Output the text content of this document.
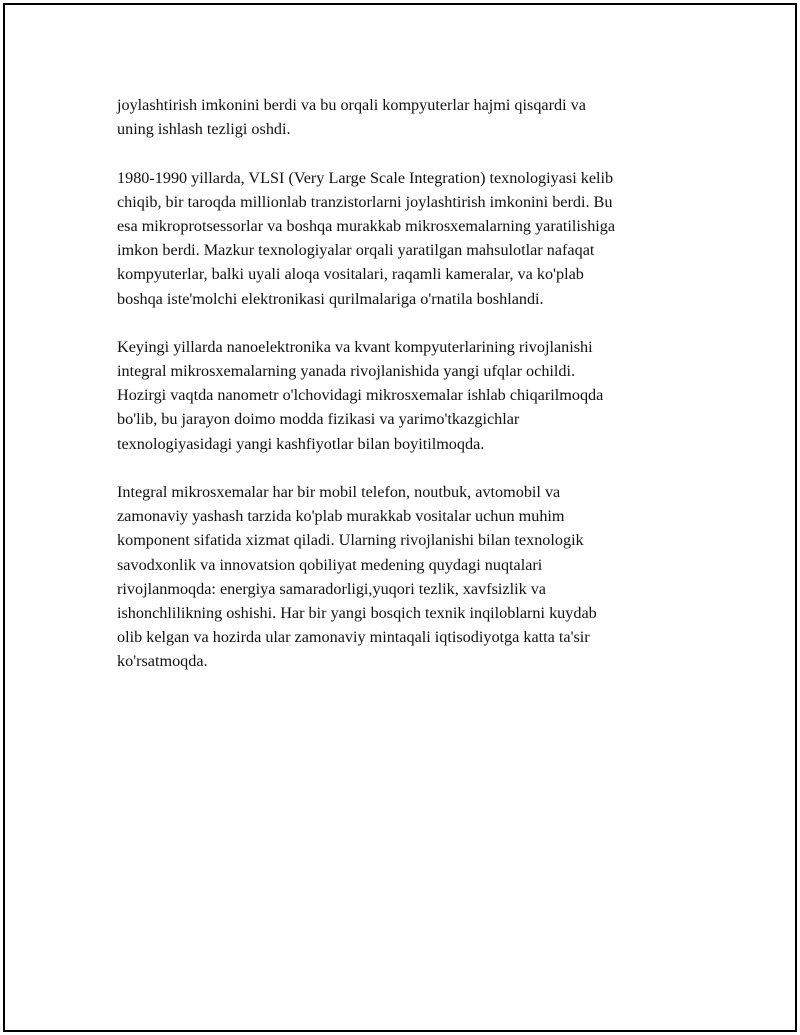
joylashtirish imkonini berdi va bu orqali kompyuterlar hajmi qisqardi va
uning ishlash tezligi oshdi.
1980-1990 yillarda, VLSI (Very Large Scale Integration) texnologiyasi kelib
chiqib, bir taroqda millionlab tranzistorlarni joylashtirish imkonini berdi. Bu
esa mikroprotsessorlar va boshqa murakkab mikrosxemalarning yaratilishiga
imkon berdi. Mazkur texnologiyalar orqali yaratilgan mahsulotlar nafaqat
kompyuterlar, balki uyali aloqa vositalari, raqamli kameralar, va ko'plab
boshqa iste'molchi elektronikasi qurilmalariga o'rnatila boshlandi.
Keyingi yillarda nanoelektronika va kvant kompyuterlarining rivojlanishi
integral mikrosxemalarning yanada rivojlanishida yangi ufqlar ochildi.
Hozirgi vaqtda nanometr o'lchovidagi mikrosxemalar ishlab chiqarilmoqda
bo'lib, bu jarayon doimo modda fizikasi va yarimo'tkazgichlar
texnologiyasidagi yangi kashfiyotlar bilan boyitilmoqda.
Integral mikrosxemalar har bir mobil telefon, noutbuk, avtomobil va
zamonaviy yashash tarzida ko'plab murakkab vositalar uchun muhim
komponent sifatida xizmat qiladi. Ularning rivojlanishi bilan texnologik
savodxonlik va innovatsion qobiliyat medening quydagi nuqtalari
rivojlanmoqda: energiya samaradorligi,yuqori tezlik, xavfsizlik va
ishonchlilikning oshishi. Har bir yangi bosqich texnik inqiloblarni kuydab
olib kelgan va hozirda ular zamonaviy mintaqali iqtisodiyotga katta ta'sir
ko'rsatmoqda.
